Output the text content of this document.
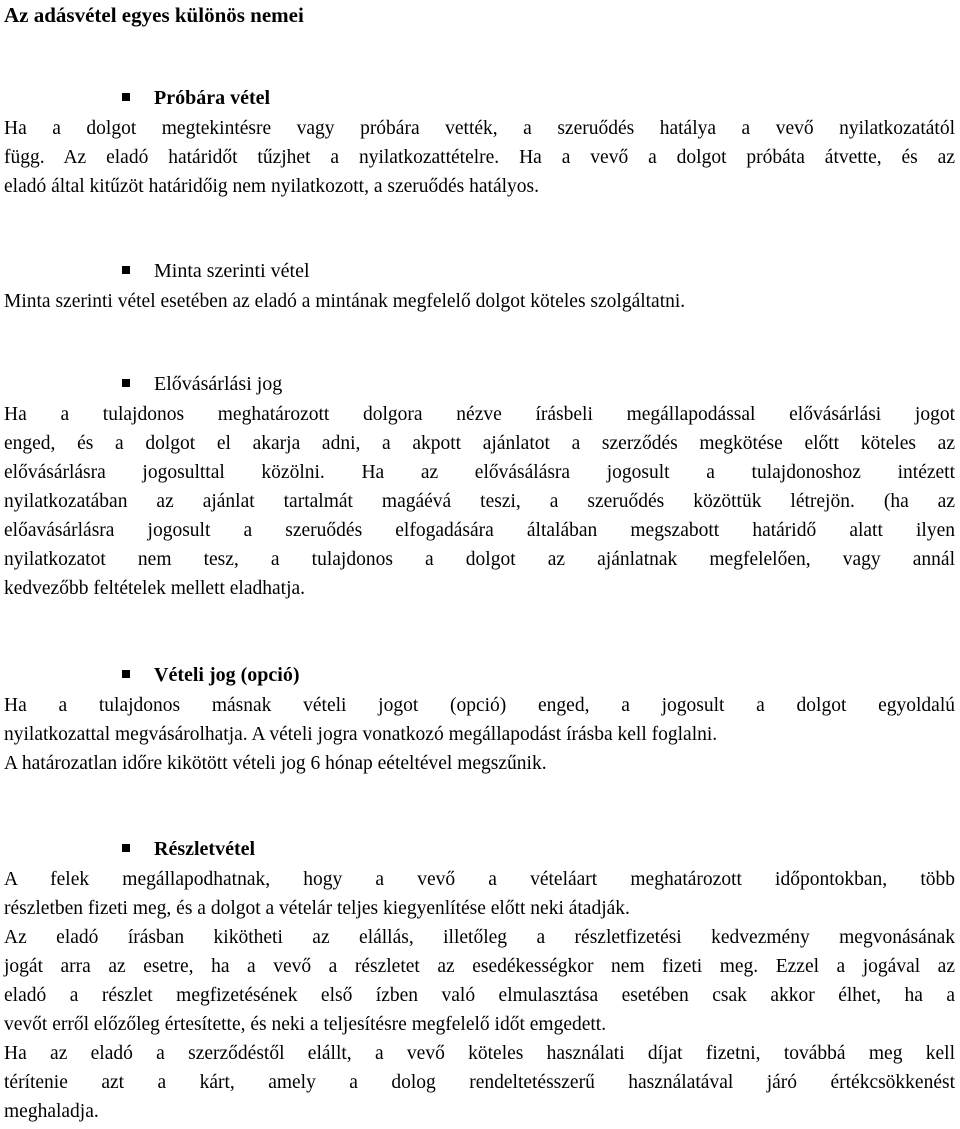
Az adásvétel egyes különös nemei
Próbára vétel

Ha a dolgot megtekintésre vagy próbára vették, a szeruődés hatálya a vevő nyilatkozatától
függ. Az eladó határidőt tűzjhet a nyilatkozattételre. Ha a vevő a dolgot próbáta átvette, és az
eladó által kitűzöt határidőig nem nyilatkozott, a szeruődés hatályos.

Minta szerinti vétel

Minta szerinti vétel esetében az eladó a mintának megfelelő dolgot köteles szolgáltatni.

Elővásárlási jog

Ha a tulajdonos meghatározott dolgora nézve írásbeli megállapodással elővásárlási jogot
enged, és a dolgot el akarja adni, a akpott ajánlatot a szerződés megkötése előtt köteles az
elővásárlásra jogosulttal közölni. Ha az elővásálásra jogosult a tulajdonoshoz intézett
nyilatkozatában az ajánlat tartalmát magáévá teszi, a szeruődés közöttük létrejön. (ha az
előavásárlásra jogosult a szeruődés elfogadására általában megszabott határidő alatt ilyen
nyilatkozatot nem tesz, a tulajdonos a dolgot az ajánlatnak megfelelően, vagy annál
kedvezőbb feltételek mellett eladhatja.

Vételi jog (opció)

Ha a tulajdonos másnak vételi jogot (opció) enged, a jogosult a dolgot egyoldalú
nyilatkozattal megvásárolhatja. A vételi jogra vonatkozó megállapodást írásba kell foglalni.
A határozatlan időre kikötött vételi jog 6 hónap eételtével megszűnik.

Részletvétel

A felek megállapodhatnak, hogy a vevő a vételáart meghatározott időpontokban, több
részletben fizeti meg, és a dolgot a vételár teljes kiegyenlítése előtt neki átadják.

Az eladó írásban kikötheti az elállás, illetőleg a részletfizetési kedvezmény megvonásának
jogát arra az esetre, ha a vevő a részletet az esedékességkor nem fizeti meg. Ezzel a jogával az
eladó a részlet megfizetésének első ízben való elmulasztása esetében csak akkor élhet, ha a
vevőt erről előzőleg értesítette, és neki a teljesítésre megfelelő időt emgedett.

Ha az eladó a szerződéstől elállt, a vevő köteles használati díjat fizetni, továbbá meg kell
térítenie azt a kárt, amely a dolog rendeltetésszerű használatával járó értékcsökkenést
meghaladja.
